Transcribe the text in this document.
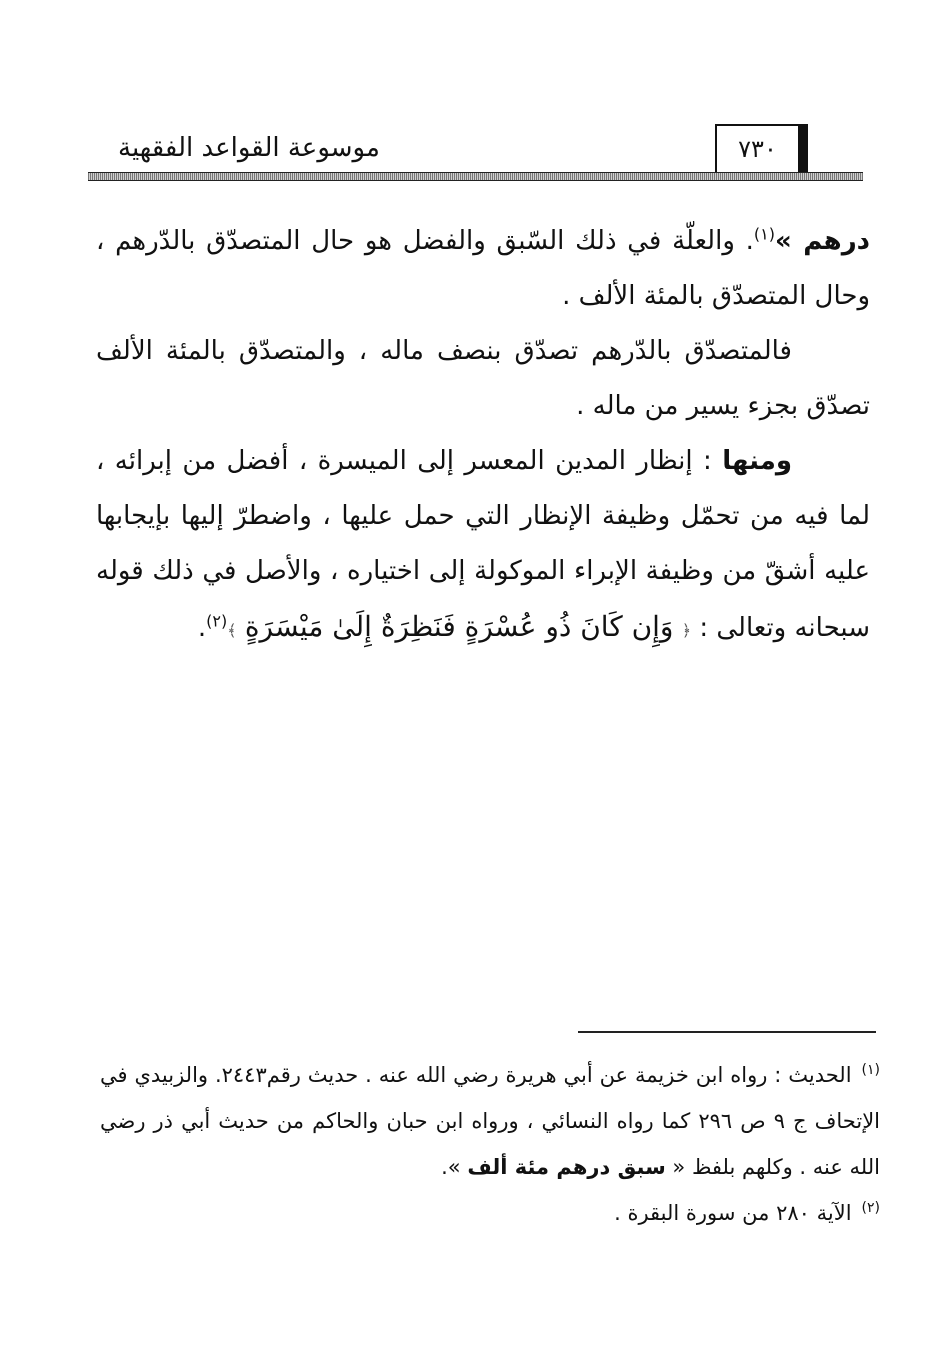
موسوعة القواعد الفقهية	٧٣٠

درهم »$^{(١)}$. والعلّة في ذلك السّبق والفضل هو حال المتصدّق بالدّرهم ، وحال المتصدّق بالمئة الألف .

فالمتصدّق بالدّرهم تصدّق بنصف ماله ، والمتصدّق بالمئة الألف تصدّق بجزء يسير من ماله .

ومنها : إنظار المدين المعسر إلى الميسرة ، أفضل من إبرائه ، لما فيه من تحمّل وظيفة الإنظار التي حمل عليها ، واضطرّ إليها بإيجابها عليه أشقّ من وظيفة الإبراء الموكولة إلى اختياره ، والأصل في ذلك قوله سبحانه وتعالى : ﴿ وَإِن كَانَ ذُو عُسْرَةٍ فَنَظِرَةٌ إِلَىٰ مَيْسَرَةٍ ﴾$^{(٢)}$.

$^{(١)}$الحديث : رواه ابن خزيمة عن أبي هريرة رضي الله عنه . حديث رقم٢٤٤٣. والزبيدي في الإتحاف ج ٩ ص ٢٩٦ كما رواه النسائي ، ورواه ابن حبان والحاكم من حديث أبي ذر رضي الله عنه . وكلهم بلفظ « سبق درهم مئة ألف ».

$^{(٢)}$الآية ٢٨٠ من سورة البقرة .
